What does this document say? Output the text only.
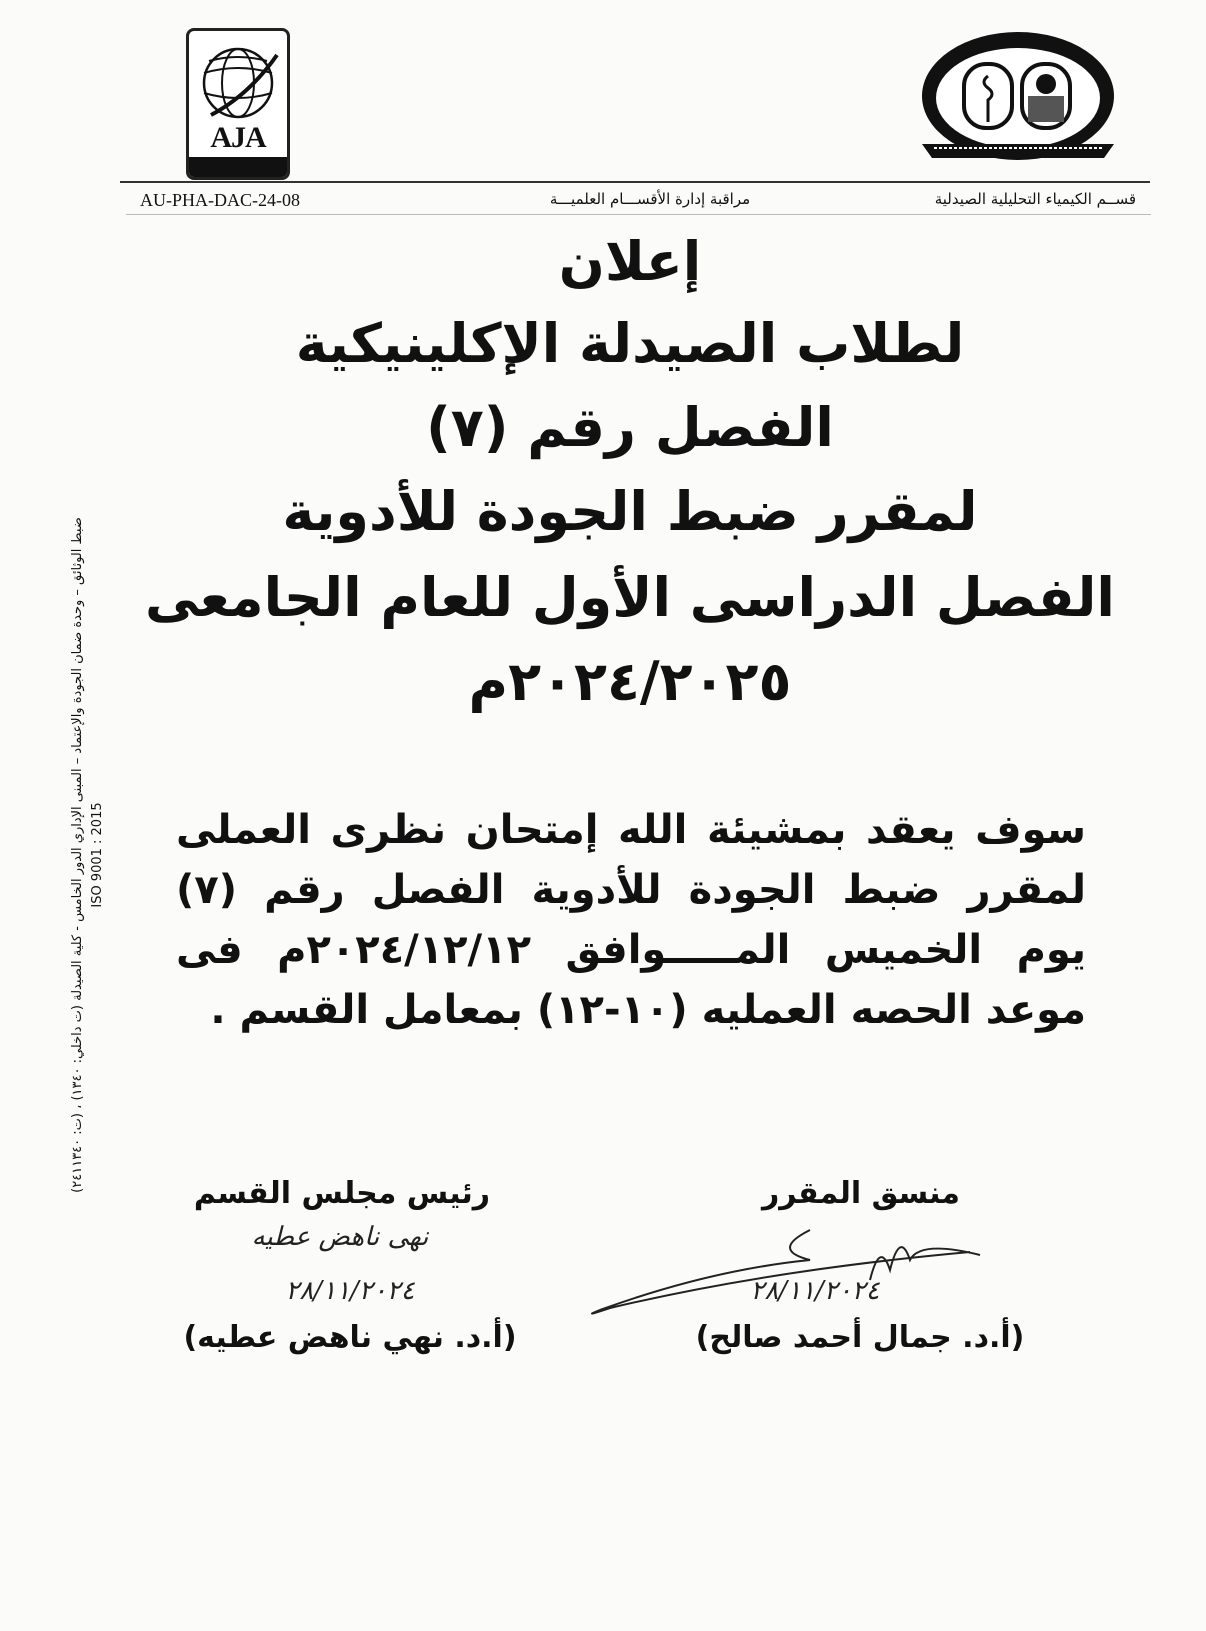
AJA
AU-PHA-DAC-24-08	مراقبة إدارة الأقســـام العلميـــة	قســم الكيمياء التحليلية الصيدلية
إعلان
لطلاب الصيدلة الإكلينيكية
الفصل رقم (٧)
لمقرر ضبط الجودة للأدوية
الفصل الدراسى الأول للعام الجامعى
٢٠٢٤/٢٠٢٥م
سوف يعقد بمشيئة الله إمتحان نظرى العملى لمقرر ضبط الجودة للأدوية الفصل رقم (٧) يوم الخميس المـــــوافق ٢٠٢٤/١٢/١٢م فى موعد الحصه العمليه (١٠-١٢) بمعامل القسم .
ضبط الوثائق – وحدة ضمان الجودة والإعتماد – المبنى الإداري الدور الخامس - كلية الصيدلة (ت داخلي: ١٣٤٠) ، (ت: ٢٤١١٣٤٠) ISO 9001 : 2015
منسق المقرر
رئيس مجلس القسم
٢٨/١١/٢٠٢٤
نهى ناهض عطيه
٢٨/١١/٢٠٢٤
(أ.د. جمال أحمد صالح)
(أ.د. نهي ناهض عطيه)
